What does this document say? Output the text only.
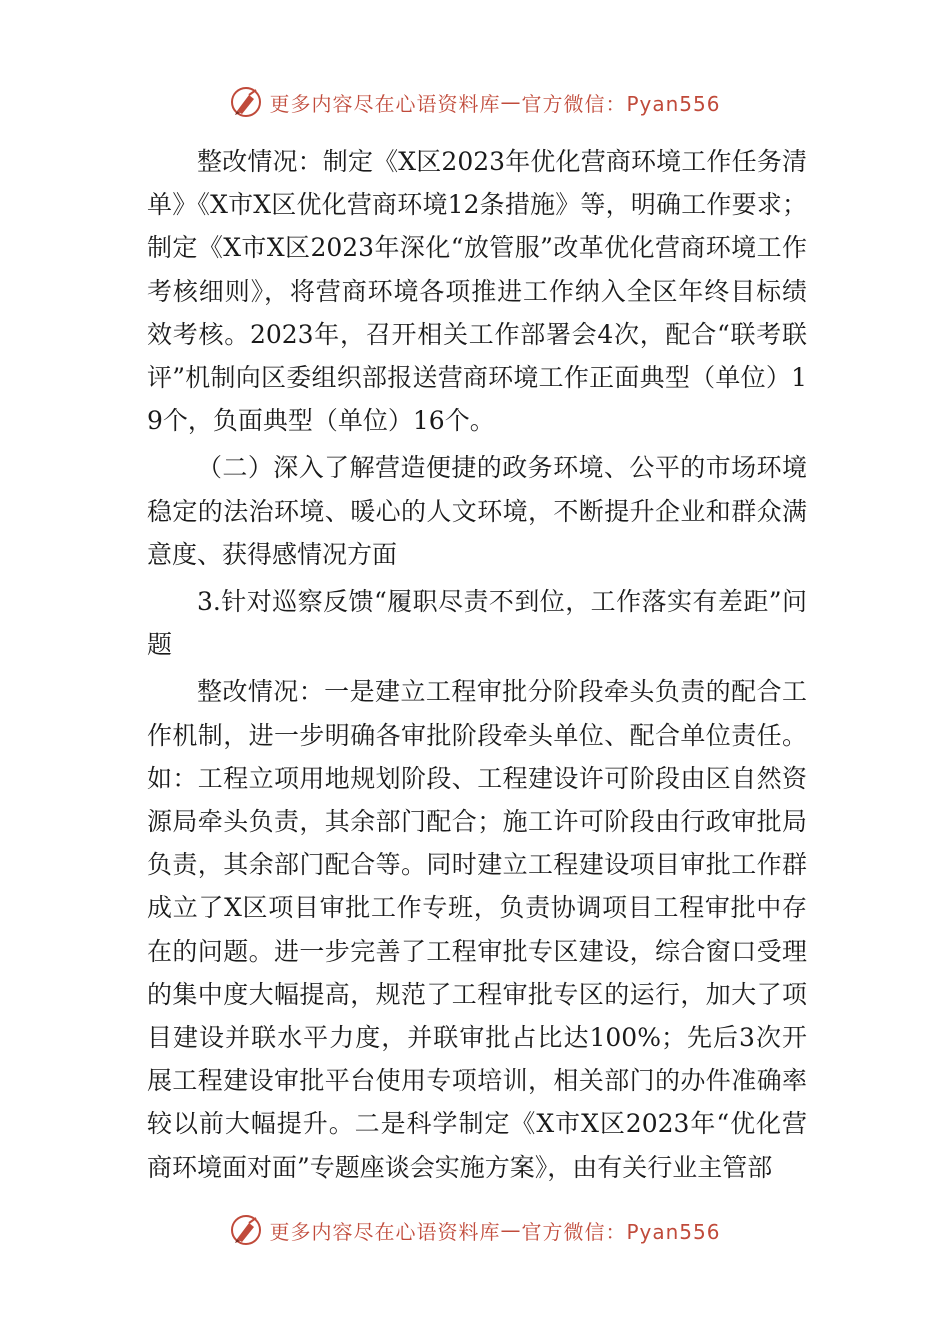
更多内容尽在心语资料库 — 官方微信：Pyan556

整改情况：制定《X区2023年优化营商环境工作任务清单》《X市X区优化营商环境12条措施》等，明确工作要求；制定《X市X区2023年深化“放管服”改革优化营商环境工作考核细则》，将营商环境各项推进工作纳入全区年终目标绩效考核。2023年，召开相关工作部署会4次，配合“联考联评”机制向区委组织部报送营商环境工作正面典型（单位）19个，负面典型（单位）16个。

（二）深入了解营造便捷的政务环境、公平的市场环境稳定的法治环境、暖心的人文环境，不断提升企业和群众满意度、获得感情况方面

3.针对巡察反馈“履职尽责不到位，工作落实有差距”问题

整改情况：一是建立工程审批分阶段牵头负责的配合工作机制，进一步明确各审批阶段牵头单位、配合单位责任。如：工程立项用地规划阶段、工程建设许可阶段由区自然资源局牵头负责，其余部门配合；施工许可阶段由行政审批局负责，其余部门配合等。同时建立工程建设项目审批工作群成立了X区项目审批工作专班，负责协调项目工程审批中存在的问题。进一步完善了工程审批专区建设，综合窗口受理的集中度大幅提高，规范了工程审批专区的运行，加大了项目建设并联水平力度，并联审批占比达100%；先后3次开展工程建设审批平台使用专项培训，相关部门的办件准确率较以前大幅提升。二是科学制定《X市X区2023年“优化营商环境面对面”专题座谈会实施方案》，由有关行业主管部

更多内容尽在心语资料库 — 官方微信：Pyan556
